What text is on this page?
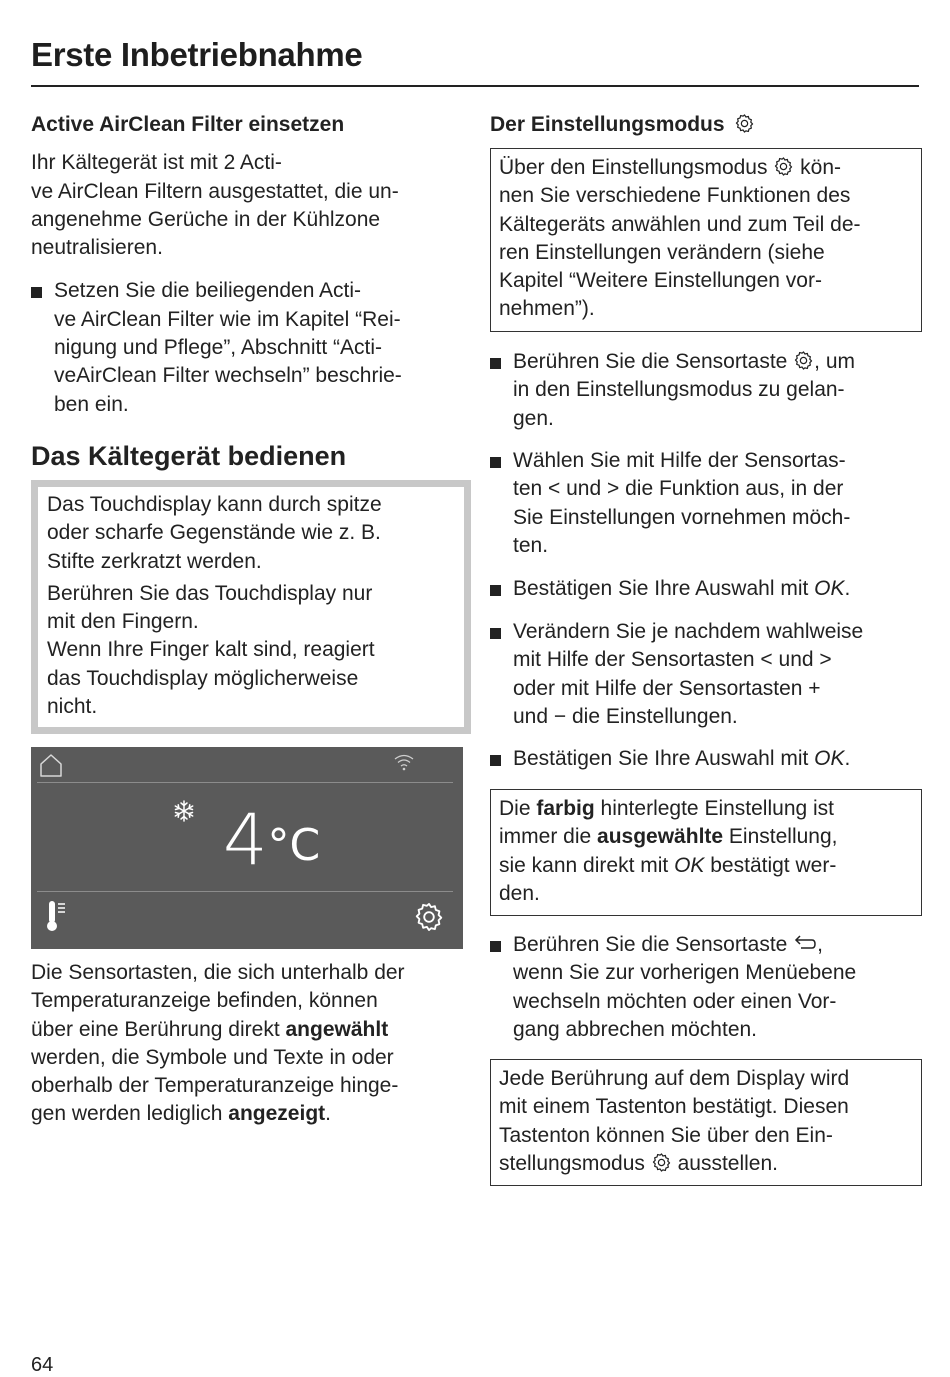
Erste Inbetriebnahme
Active AirClean Filter einsetzen

Ihr Kältegerät ist mit 2 Acti-

ve AirClean Filtern ausgestattet, die un-

angenehme Gerüche in der Kühlzone

neutralisieren.

Setzen Sie die beiliegenden Acti-
ve AirClean Filter wie im Kapitel “Rei-
nigung und Pflege”, Abschnitt “Acti-
veAirClean Filter wechseln” beschrie-
ben ein.
Das Kältegerät bedienen

Das Touchdisplay kann durch spitze

oder scharfe Gegenstände wie z. B.

Stifte zerkratzt werden.

Berühren Sie das Touchdisplay nur

mit den Fingern.

Wenn Ihre Finger kalt sind, reagiert

das Touchdisplay möglicherweise

nicht.

4°C

Die Sensortasten, die sich unterhalb der

Temperaturanzeige befinden, können

über eine Berührung direkt angewählt

werden, die Symbole und Texte in oder

oberhalb der Temperaturanzeige hinge-

gen werden lediglich angezeigt.

Der Einstellungsmodus

Über den Einstellungsmodus  kön-

nen Sie verschiedene Funktionen des

Kältegeräts anwählen und zum Teil de-

ren Einstellungen verändern (siehe

Kapitel “Weitere Einstellungen vor-

nehmen”).

Berühren Sie die Sensortaste , um
in den Einstellungsmodus zu gelan-
gen.
Wählen Sie mit Hilfe der Sensortas-
ten < und > die Funktion aus, in der
Sie Einstellungen vornehmen möch-
ten.
Bestätigen Sie Ihre Auswahl mit OK.
Verändern Sie je nachdem wahlweise
mit Hilfe der Sensortasten < und >
oder mit Hilfe der Sensortasten +
und − die Einstellungen.
Bestätigen Sie Ihre Auswahl mit OK.

Die farbig hinterlegte Einstellung ist

immer die ausgewählte Einstellung,

sie kann direkt mit OK bestätigt wer-

den.

Berühren Sie die Sensortaste ,
wenn Sie zur vorherigen Menüebene
wechseln möchten oder einen Vor-
gang abbrechen möchten.

Jede Berührung auf dem Display wird

mit einem Tastenton bestätigt. Diesen

Tastenton können Sie über den Ein-

stellungsmodus  ausstellen.

64
